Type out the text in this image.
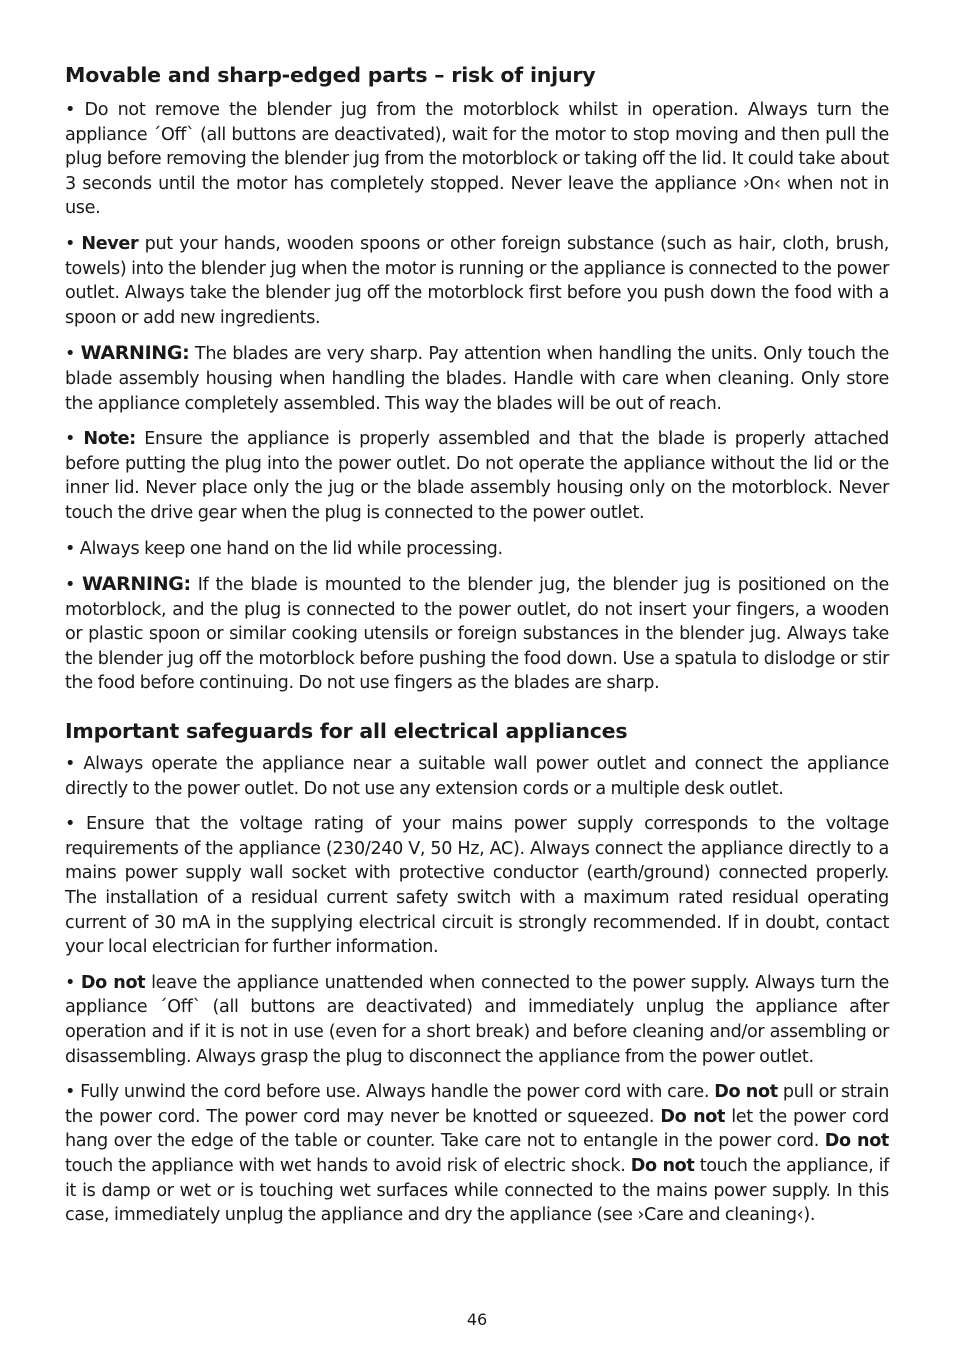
Movable and sharp-edged parts – risk of injury

• Do not remove the blender jug from the motorblock whilst in operation. Always turn the appliance ´Off` (all buttons are deactivated), wait for the motor to stop moving and then pull the plug before removing the blender jug from the motorblock or taking off the lid. It could take about 3 seconds until the motor has completely stopped. Never leave the appliance ›On‹ when not in use.

• Never put your hands, wooden spoons or other foreign substance (such as hair, cloth, brush, towels) into the blender jug when the motor is running or the appliance is connected to the power outlet. Always take the blender jug off the motorblock first before you push down the food with a spoon or add new ingredients.

• WARNING: The blades are very sharp. Pay attention when handling the units. Only touch the blade assembly housing when handling the blades. Handle with care when cleaning. Only store the appliance completely assembled. This way the blades will be out of reach.

• Note: Ensure the appliance is properly assembled and that the blade is properly attached before putting the plug into the power outlet. Do not operate the appliance without the lid or the inner lid. Never place only the jug or the blade assembly housing only on the motorblock. Never touch the drive gear when the plug is connected to the power outlet.

• Always keep one hand on the lid while processing.

• WARNING: If the blade is mounted to the blender jug, the blender jug is positioned on the motorblock, and the plug is connected to the power outlet, do not insert your fingers, a wooden or plastic spoon or similar cooking utensils or foreign substances in the blender jug. Always take the blender jug off the motorblock before pushing the food down. Use a spatula to dislodge or stir the food before continuing. Do not use fingers as the blades are sharp.

Important safeguards for all electrical appliances

• Always operate the appliance near a suitable wall power outlet and connect the appliance directly to the power outlet. Do not use any extension cords or a multiple desk outlet.

• Ensure that the voltage rating of your mains power supply corresponds to the voltage requirements of the appliance (230/240 V, 50 Hz, AC). Always connect the appliance directly to a mains power supply wall socket with protective conductor (earth/ground) connected properly. The installation of a residual current safety switch with a maximum rated residual operating current of 30 mA in the supplying electrical circuit is strongly recommended. If in doubt, contact your local electrician for further information.

• Do not leave the appliance unattended when connected to the power supply. Always turn the appliance ´Off` (all buttons are deactivated) and immediately unplug the appliance after operation and if it is not in use (even for a short break) and before cleaning and/or assembling or disassembling. Always grasp the plug to disconnect the appliance from the power outlet.

• Fully unwind the cord before use. Always handle the power cord with care. Do not pull or strain the power cord. The power cord may never be knotted or squeezed. Do not let the power cord hang over the edge of the table or counter. Take care not to entangle in the power cord. Do not touch the appliance with wet hands to avoid risk of electric shock. Do not touch the appliance, if it is damp or wet or is touching wet surfaces while connected to the mains power supply. In this case, immediately unplug the appliance and dry the appliance (see ›Care and cleaning‹).

46
